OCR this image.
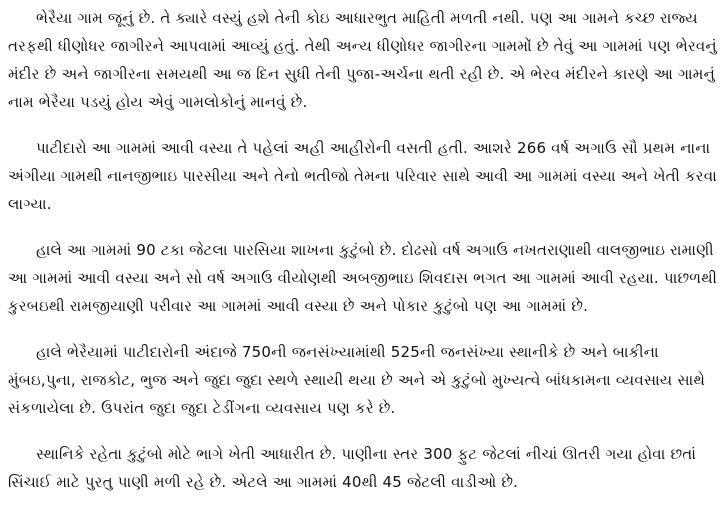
ભેરૈયા ગામ જૂનું છે. તે ક્યારે વસ્યું હશે તેની કોઇ આધારભુત માહિતી મળતી નથી. પણ આ ગામને કચ્છ રાજ્ય તરફથી ધીણોધર જાગીરને આપવામાં આવ્યું હતું. તેથી અન્ય ધીણોધર જાગીરના ગામમોં છે તેવું આ ગામમાં પણ ભેરવનું મંદીર છે અને જાગીરના સમયથી આ જ દિન સુધી તેની પુજા-અર્ચના થતી રહી છે. એ ભેરવ મંદીરને કારણે આ ગામનું નામ ભેરૈયા પડયું હોય એવું ગામલોકોનું માનવું છે.

પાટીદારો આ ગામમાં આવી વસ્યા તે પહેલાં અહી આહીરોની વસતી હતી. આશરે 266 વર્ષ અગાઉ સૌ પ્રથમ નાના અંગીયા ગામથી નાનજીભાઇ પારસીયા અને તેનો ભતીજો તેમના પરિવાર સાથે આવી આ ગામમાં વસ્યા અને ખેતી કરવા લાગ્યા.

હાલે આ ગામમાં 90 ટકા જેટલા પારસિયા શાખના કુટુંબો છે. દોઢસો વર્ષ અગાઉ નખતરાણાથી વાલજીભાઇ રામાણી આ ગામમાં આવી વસ્યા અને સો વર્ષ અગાઉ વીયોણથી અબજીભાઇ શિવદાસ ભગત આ ગામમાં આવી રહયા. પાછળથી કુરબઇથી રામજીયાણી પરીવાર આ ગામમાં આવી વસ્યા છે અને પોકાર કુટુંબો પણ આ ગામમાં છે.

હાલે ભેરૈયામાં પાટીદારોની અંદાજે 750ની જનસંખ્યામાંથી 525ની જનસંખ્યા સ્થાનીકે છે અને બાકીના મુંબઇ,પુના, રાજકોટ, ભુજ અને જુદા જુદા સ્થળે સ્થાયી થયા છે અને એ કુટુંબો મુખ્યત્વે બાંધકામના વ્યવસાય સાથે સંકળાયેલા છે. ઉપરાંત જુદા જુદા ટેડીંગના વ્યવસાય પણ કરે છે.

સ્થાનિકે રહેતા કુટુંબો મોટે ભાગે ખેતી આધારીત છે. પાણીના સ્તર 300 ફુટ જેટલાં નીચાં ઊતરી ગયા હોવા છતાં સિંચાઈ માટે પુરતુ પાણી મળી રહે છે. એટલે આ ગામમાં 40થી 45 જેટલી વાડીઓ છે.
